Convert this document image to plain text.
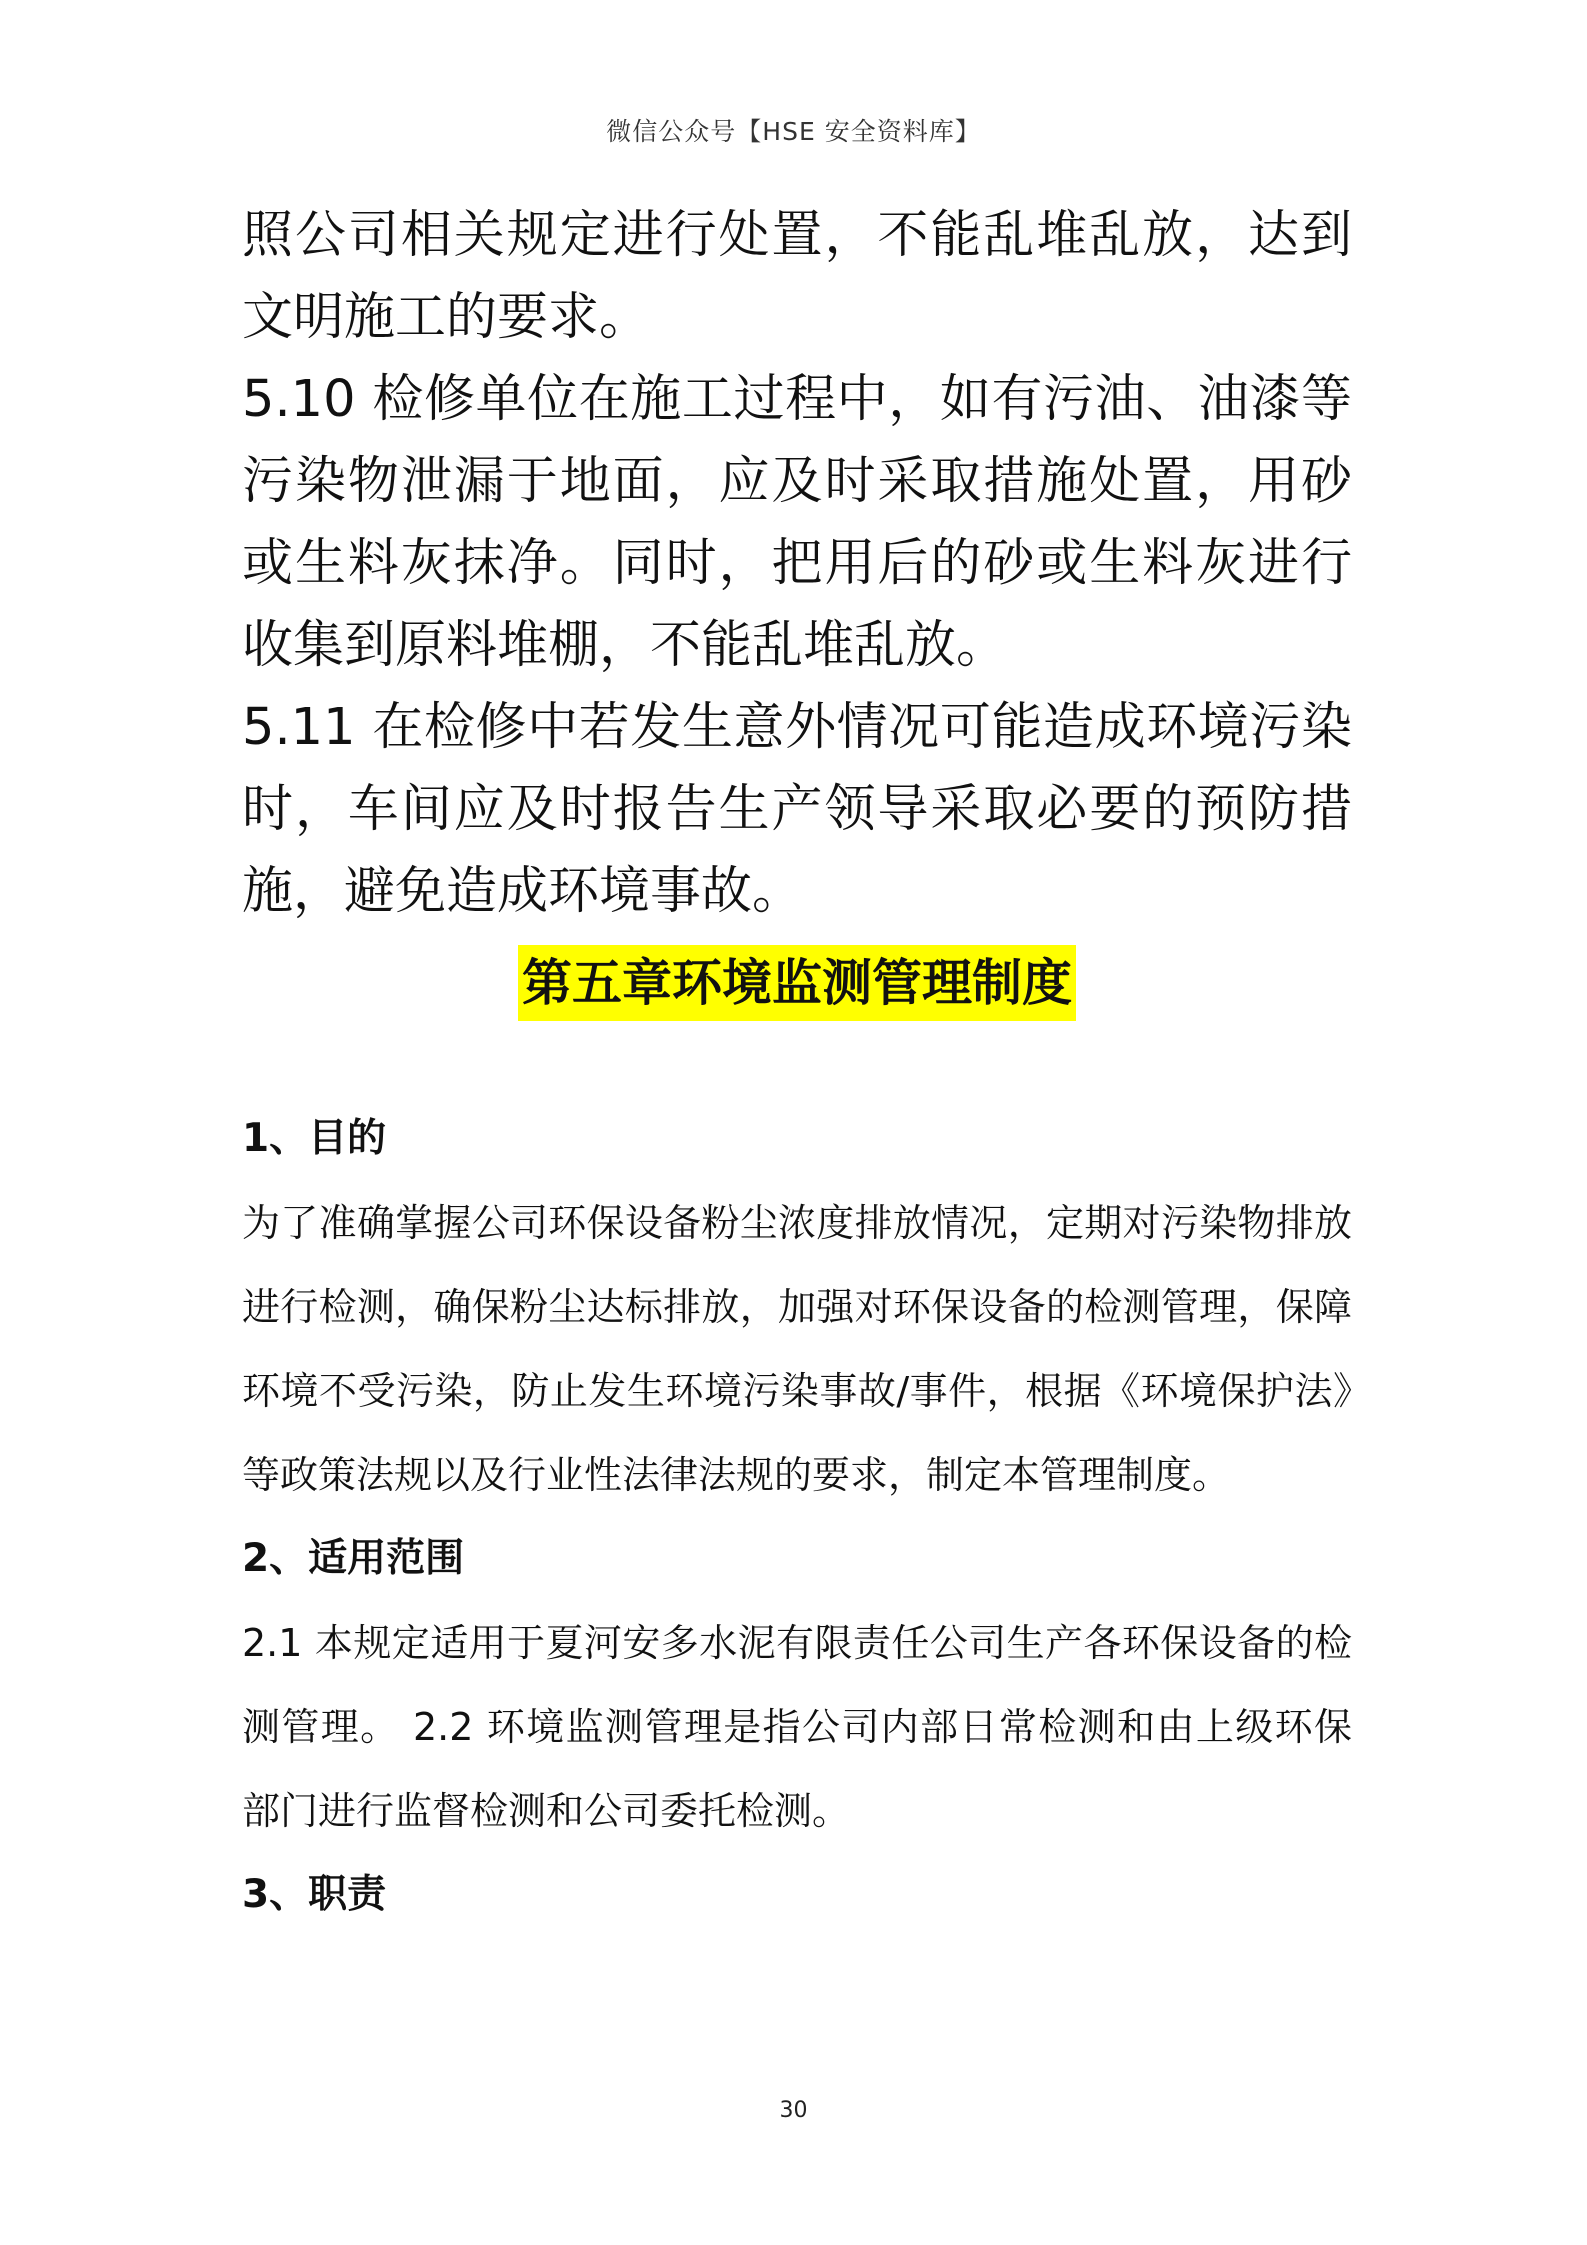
微信公众号【HSE 安全资料库】

照公司相关规定进行处置，不能乱堆乱放，达到文明施工的要求。

5.10 检修单位在施工过程中，如有污油、油漆等污染物泄漏于地面，应及时采取措施处置，用砂或生料灰抹净。同时，把用后的砂或生料灰进行收集到原料堆棚，不能乱堆乱放。

5.11 在检修中若发生意外情况可能造成环境污染时，车间应及时报告生产领导采取必要的预防措施，避免造成环境事故。

第五章环境监测管理制度

1、目的

为了准确掌握公司环保设备粉尘浓度排放情况，定期对污染物排放进行检测，确保粉尘达标排放，加强对环保设备的检测管理，保障环境不受污染，防止发生环境污染事故/事件，根据《环境保护法》等政策法规以及行业性法律法规的要求，制定本管理制度。

2、适用范围

2.1 本规定适用于夏河安多水泥有限责任公司生产各环保设备的检测管理。 2.2 环境监测管理是指公司内部日常检测和由上级环保部门进行监督检测和公司委托检测。

3、职责

30
